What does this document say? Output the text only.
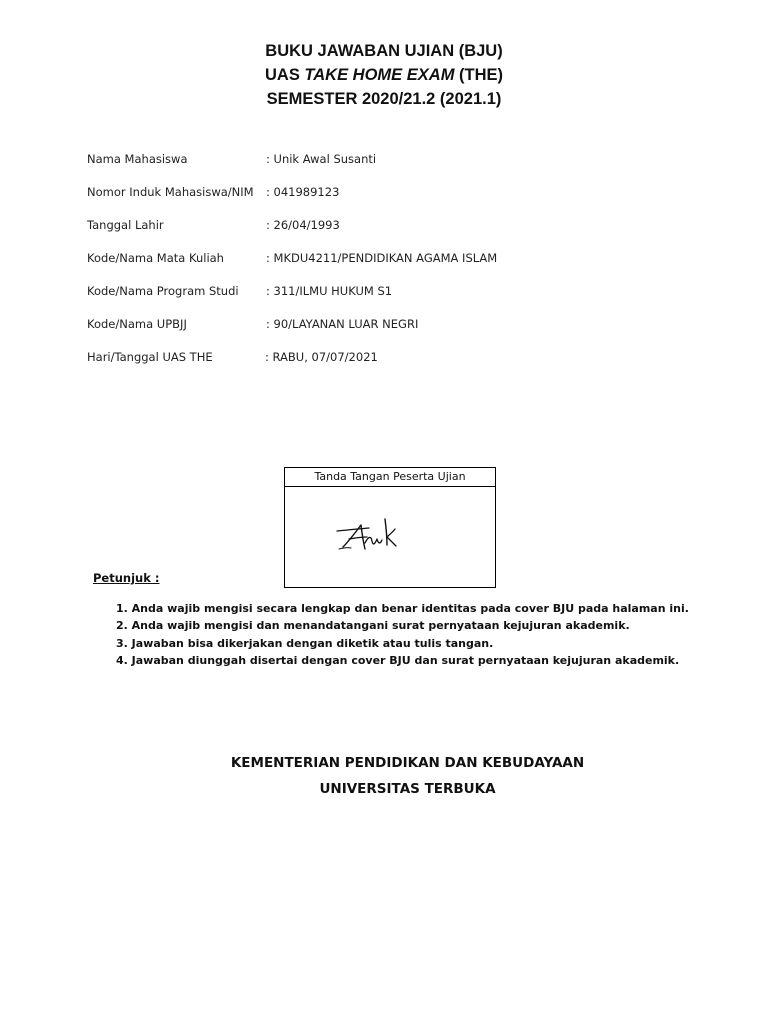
BUKU JAWABAN UJIAN (BJU)
UAS TAKE HOME EXAM (THE)
SEMESTER 2020/21.2 (2021.1)
Nama Mahasiswa	: Unik Awal Susanti
Nomor Induk Mahasiswa/NIM : 041989123
Tanggal Lahir	: 26/04/1993
Kode/Nama Mata Kuliah	: MKDU4211/PENDIDIKAN AGAMA ISLAM
Kode/Nama Program Studi : 311/ILMU HUKUM S1
Kode/Nama UPBJJ	: 90/LAYANAN LUAR NEGRI
Hari/Tanggal UAS THE	: RABU, 07/07/2021
Tanda Tangan Peserta Ujian
Petunjuk :
1. Anda wajib mengisi secara lengkap dan benar identitas pada cover BJU pada halaman ini.
2. Anda wajib mengisi dan menandatangani surat pernyataan kejujuran akademik.
3. Jawaban bisa dikerjakan dengan diketik atau tulis tangan.
4. Jawaban diunggah disertai dengan cover BJU dan surat pernyataan kejujuran akademik.
KEMENTERIAN PENDIDIKAN DAN KEBUDAYAAN
UNIVERSITAS TERBUKA
